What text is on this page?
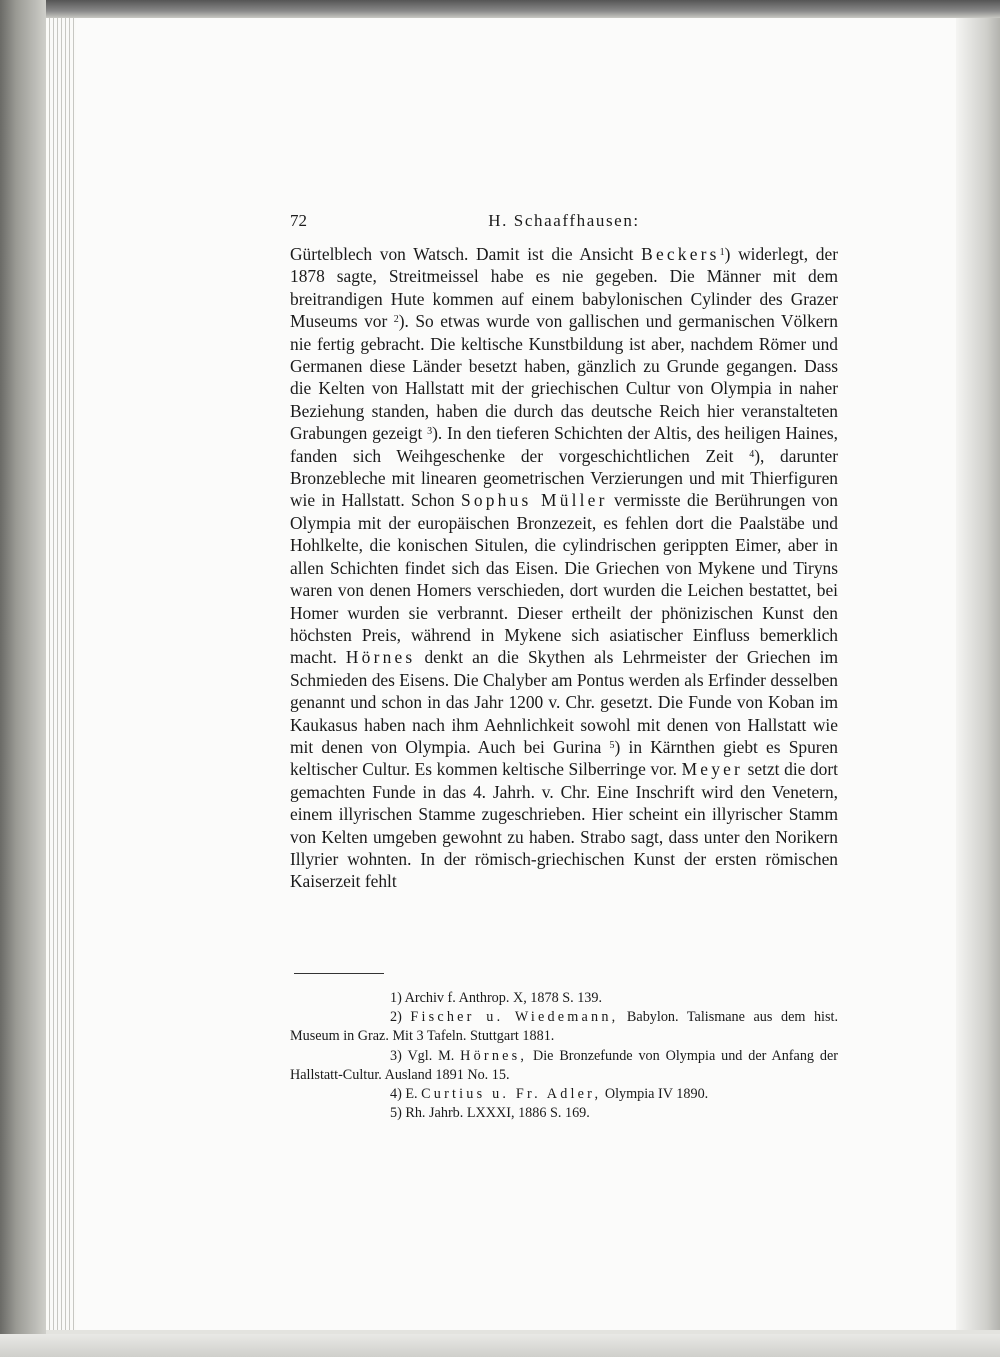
72	H. Schaaffhausen:

Gürtelblech von Watsch. Damit ist die Ansicht Beckers$^1$) widerlegt, der 1878 sagte, Streitmeissel habe es nie gegeben. Die Männer mit dem breitrandigen Hute kommen auf einem babylonischen Cylinder des Grazer Museums vor $^2$). So etwas wurde von gallischen und germanischen Völkern nie fertig gebracht. Die keltische Kunstbildung ist aber, nachdem Römer und Germanen diese Länder besetzt haben, gänzlich zu Grunde gegangen. Dass die Kelten von Hallstatt mit der griechischen Cultur von Olympia in naher Beziehung standen, haben die durch das deutsche Reich hier veranstalteten Grabungen gezeigt $^3$). In den tieferen Schichten der Altis, des heiligen Haines, fanden sich Weihgeschenke der vorgeschichtlichen Zeit $^4$), darunter Bronzebleche mit linearen geometrischen Verzierungen und mit Thierfiguren wie in Hallstatt. Schon Sophus Müller vermisste die Berührungen von Olympia mit der europäischen Bronzezeit, es fehlen dort die Paalstäbe und Hohlkelte, die konischen Situlen, die cylindrischen gerippten Eimer, aber in allen Schichten findet sich das Eisen. Die Griechen von Mykene und Tiryns waren von denen Homers verschieden, dort wurden die Leichen bestattet, bei Homer wurden sie verbrannt. Dieser ertheilt der phönizischen Kunst den höchsten Preis, während in Mykene sich asiatischer Einfluss bemerklich macht. Hörnes denkt an die Skythen als Lehrmeister der Griechen im Schmieden des Eisens. Die Chalyber am Pontus werden als Erfinder desselben genannt und schon in das Jahr 1200 v. Chr. gesetzt. Die Funde von Koban im Kaukasus haben nach ihm Aehnlichkeit sowohl mit denen von Hallstatt wie mit denen von Olympia. Auch bei Gurina $^5$) in Kärnthen giebt es Spuren keltischer Cultur. Es kommen keltische Silberringe vor. Meyer setzt die dort gemachten Funde in das 4. Jahrh. v. Chr. Eine Inschrift wird den Venetern, einem illyrischen Stamme zugeschrieben. Hier scheint ein illyrischer Stamm von Kelten umgeben gewohnt zu haben. Strabo sagt, dass unter den Norikern Illyrier wohnten. In der römisch-griechischen Kunst der ersten römischen Kaiserzeit fehlt

1) Archiv f. Anthrop. X, 1878 S. 139.

2) Fischer u. Wiedemann, Babylon. Talismane aus dem hist. Museum in Graz. Mit 3 Tafeln. Stuttgart 1881.

3) Vgl. M. Hörnes, Die Bronzefunde von Olympia und der Anfang der Hallstatt-Cultur. Ausland 1891 No. 15.

4) E. Curtius u. Fr. Adler, Olympia IV 1890.

5) Rh. Jahrb. LXXXI, 1886 S. 169.
